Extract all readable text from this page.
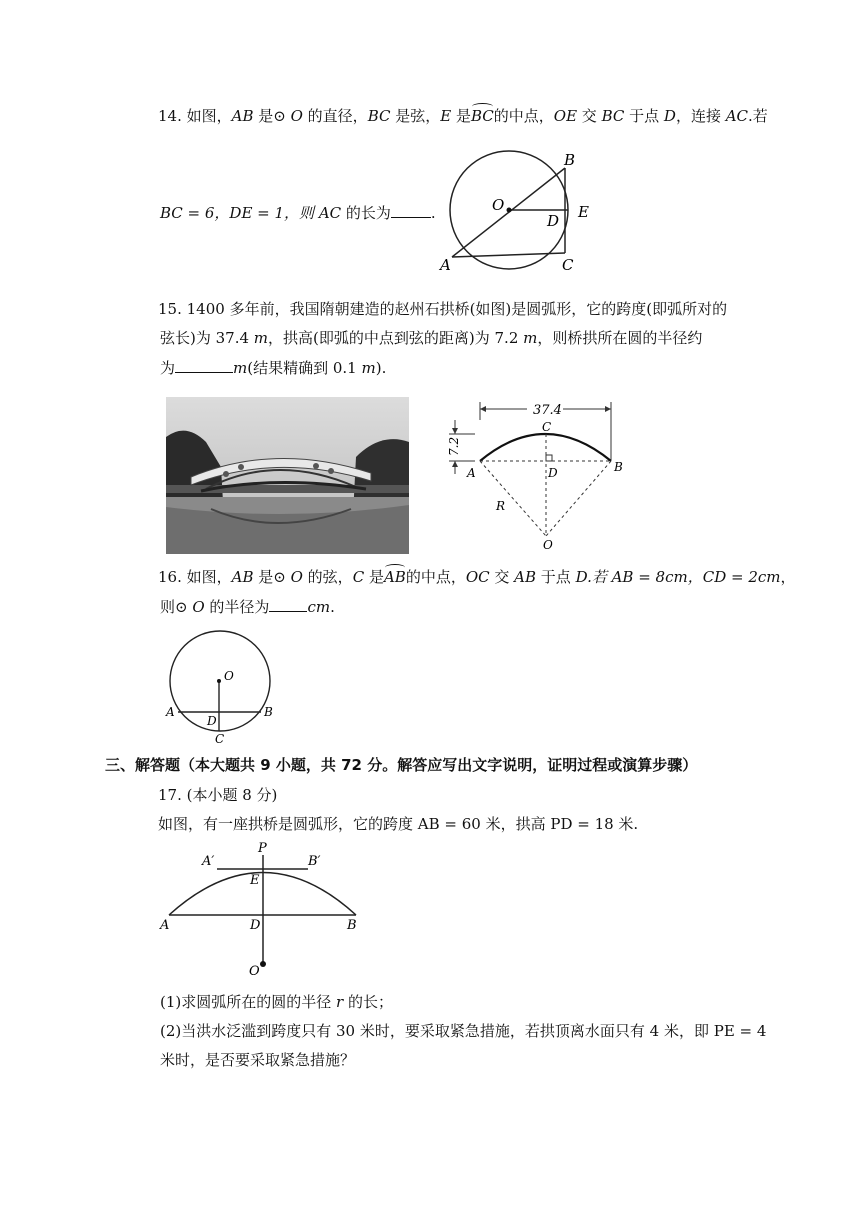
14. 如图，AB 是⊙ O 的直径，BC 是弦，E 是BC的中点，OE 交 BC 于点 D，连接 AC.若
B
O	E
D
A	C
BC = 6，DE = 1，则 AC 的长为	.
15. 1400 多年前，我国隋朝建造的赵州石拱桥(如图)是圆弧形，它的跨度(即弧所对的
弦长)为 37.4 m，拱高(即弧的中点到弦的距离)为 7.2 m，则桥拱所在圆的半径约
为	m(结果精确到 0.1 m).
37.4
7.2
C
A	B
D
R
O
16. 如图，AB 是⊙ O 的弦，C 是AB的中点，OC 交 AB 于点 D.若 AB = 8cm，CD = 2cm，
则⊙ O 的半径为	cm.
O
A
D
B
C
三、解答题（本大题共 9 小题，共 72 分。解答应写出文字说明，证明过程或演算步骤）
17. (本小题 8 分)
如图，有一座拱桥是圆弧形，它的跨度 AB = 60 米，拱高 PD = 18 米.
P
A′	B′
E
A	D	B
O
(1)求圆弧所在的圆的半径 r 的长；
(2)当洪水泛滥到跨度只有 30 米时，要采取紧急措施，若拱顶离水面只有 4 米，即 PE = 4
米时，是否要采取紧急措施？
